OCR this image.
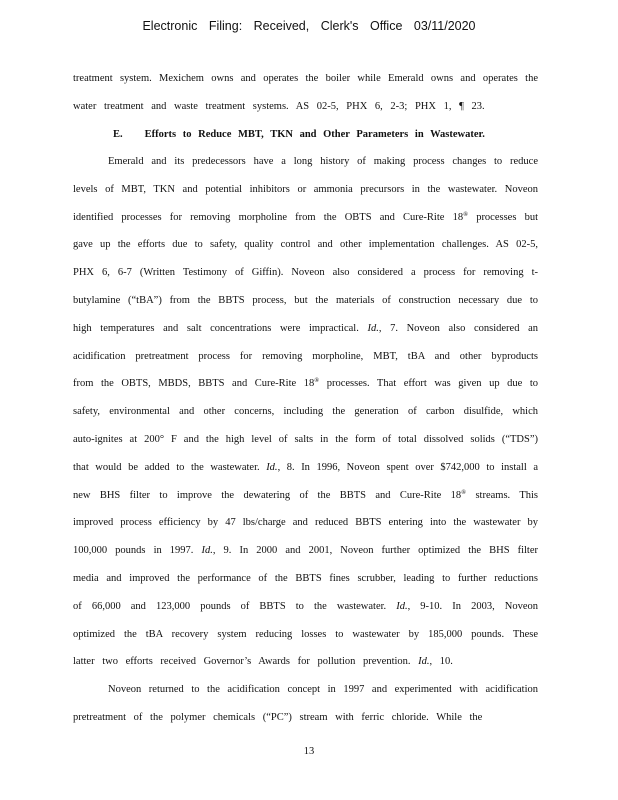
Electronic Filing: Received, Clerk's Office 03/11/2020
treatment system. Mexichem owns and operates the boiler while Emerald owns and operates the
water treatment and waste treatment systems. AS 02-5, PHX 6, 2-3; PHX 1, ¶ 23.
E. Efforts to Reduce MBT, TKN and Other Parameters in Wastewater.
Emerald and its predecessors have a long history of making process changes to reduce
levels of MBT, TKN and potential inhibitors or ammonia precursors in the wastewater. Noveon
identified processes for removing morpholine from the OBTS and Cure-Rite 18® processes but
gave up the efforts due to safety, quality control and other implementation challenges. AS 02-5,
PHX 6, 6-7 (Written Testimony of Giffin). Noveon also considered a process for removing t-
butylamine (“tBA”) from the BBTS process, but the materials of construction necessary due to
high temperatures and salt concentrations were impractical. Id., 7. Noveon also considered an
acidification pretreatment process for removing morpholine, MBT, tBA and other byproducts
from the OBTS, MBDS, BBTS and Cure-Rite 18® processes. That effort was given up due to
safety, environmental and other concerns, including the generation of carbon disulfide, which
auto-ignites at 200° F and the high level of salts in the form of total dissolved solids (“TDS”)
that would be added to the wastewater. Id., 8. In 1996, Noveon spent over $742,000 to install a
new BHS filter to improve the dewatering of the BBTS and Cure-Rite 18® streams. This
improved process efficiency by 47 lbs/charge and reduced BBTS entering into the wastewater by
100,000 pounds in 1997. Id., 9. In 2000 and 2001, Noveon further optimized the BHS filter
media and improved the performance of the BBTS fines scrubber, leading to further reductions
of 66,000 and 123,000 pounds of BBTS to the wastewater. Id., 9-10. In 2003, Noveon
optimized the tBA recovery system reducing losses to wastewater by 185,000 pounds. These
latter two efforts received Governor’s Awards for pollution prevention. Id., 10.
Noveon returned to the acidification concept in 1997 and experimented with acidification
pretreatment of the polymer chemicals (“PC”) stream with ferric chloride. While the
13
